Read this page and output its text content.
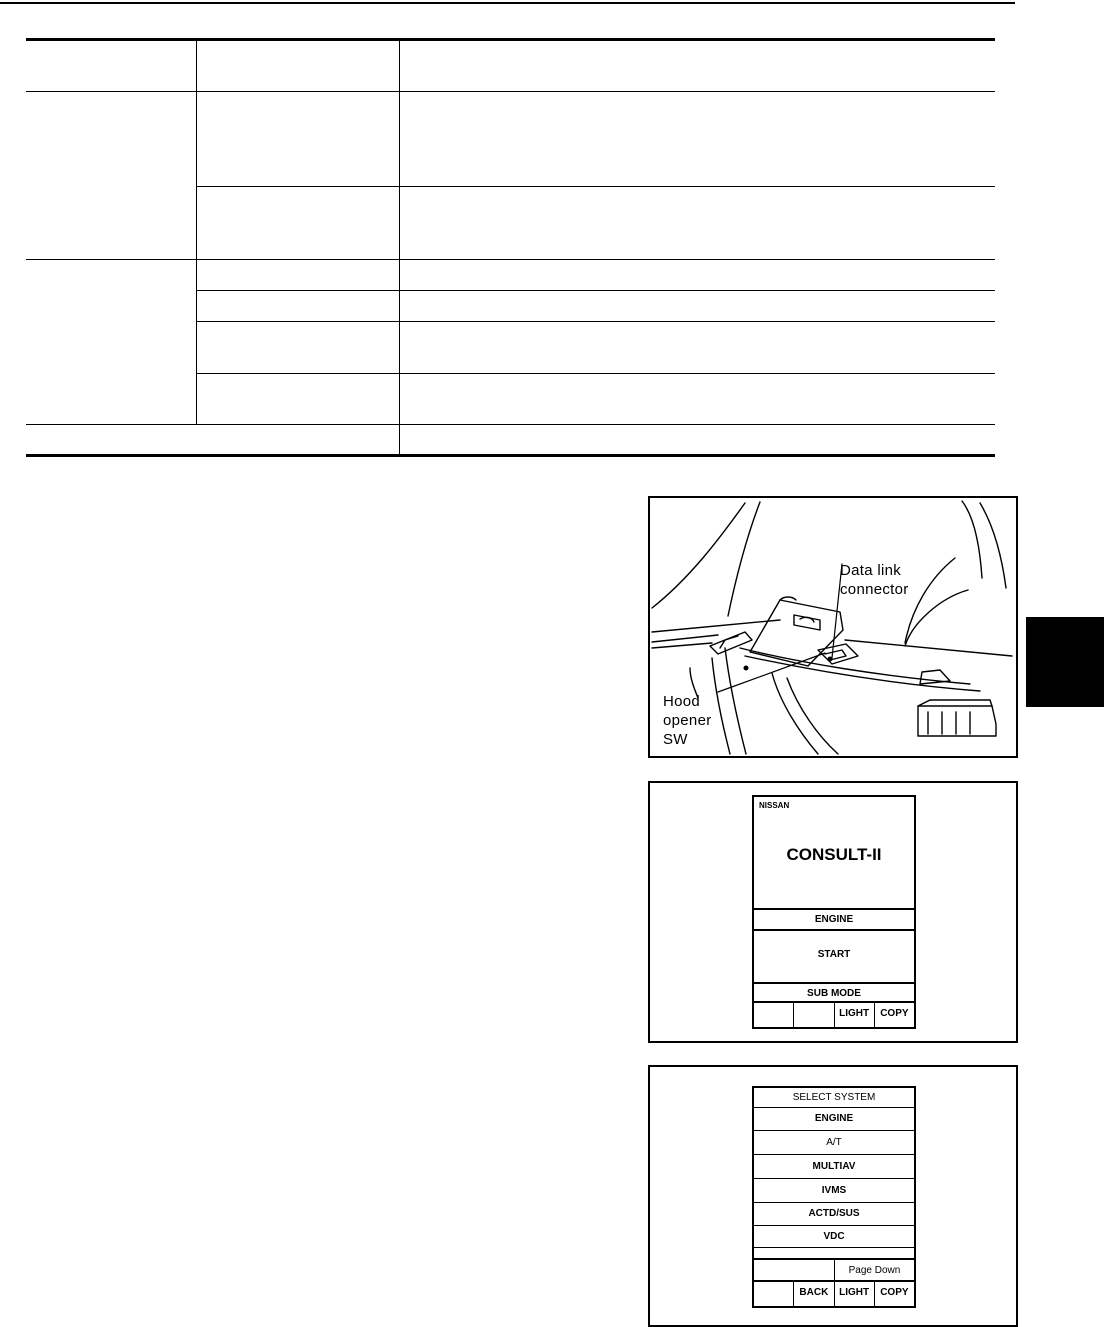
Data link
connector
Hood
opener
SW
NISSAN
CONSULT-II
ENGINE
START
SUB MODE
LIGHT	COPY
SELECT SYSTEM
ENGINE
A/T
MULTIAV
IVMS
ACTD/SUS
VDC
Page Down
BACK	LIGHT	COPY
